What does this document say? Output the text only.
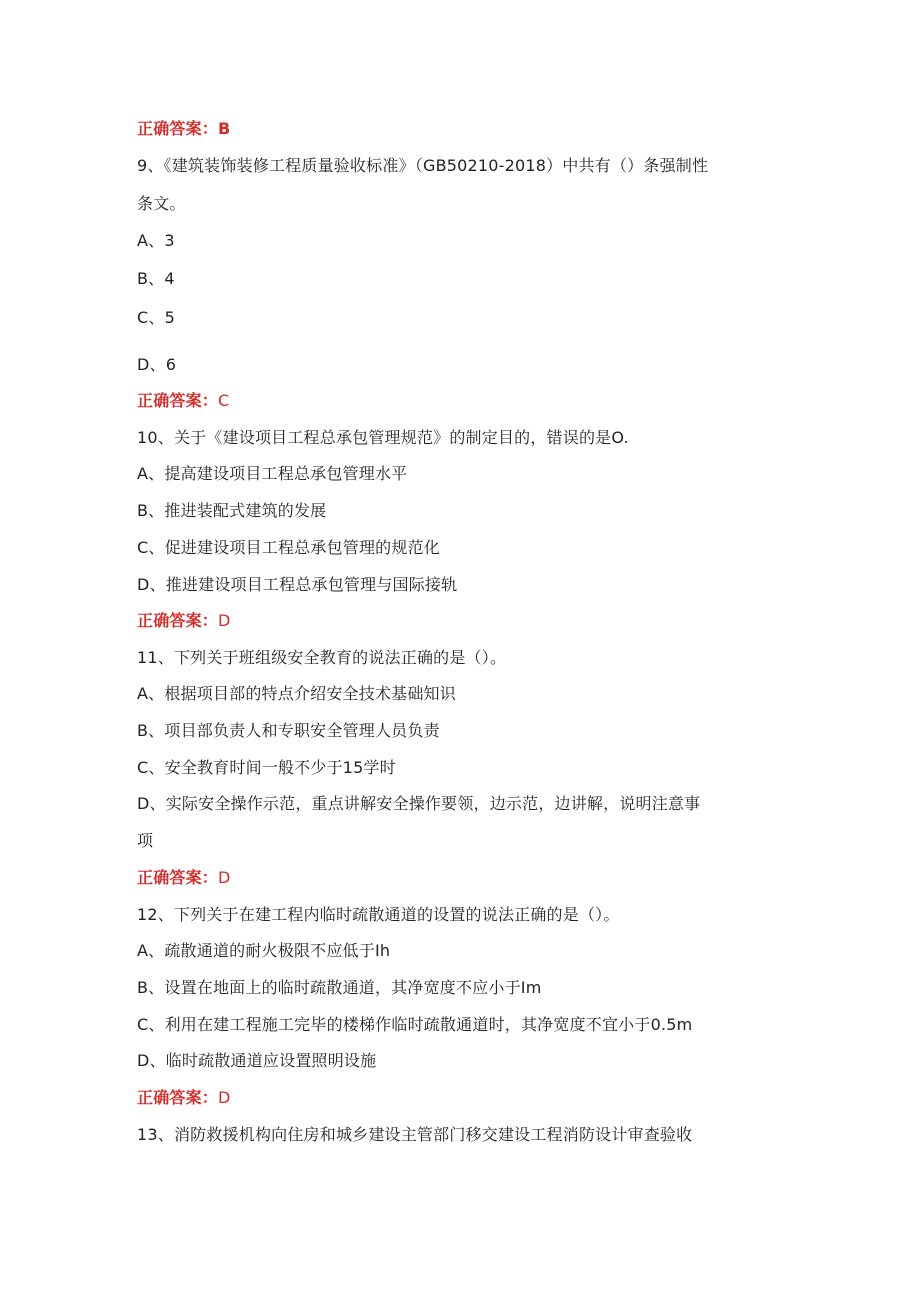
正确答案：B
9、《建筑装饰装修工程质量验收标准》（GB50210-2018）中共有（）条强制性
条文。
A、3
B、4
C、5
D、6
正确答案：C
10、关于《建设项目工程总承包管理规范》的制定目的，错误的是O.
A、提高建设项目工程总承包管理水平
B、推进装配式建筑的发展
C、促进建设项目工程总承包管理的规范化
D、推进建设项目工程总承包管理与国际接轨
正确答案：D
11、下列关于班组级安全教育的说法正确的是（）。
A、根据项目部的特点介绍安全技术基础知识
B、项目部负责人和专职安全管理人员负责
C、安全教育时间一般不少于15学时
D、实际安全操作示范，重点讲解安全操作要领，边示范，边讲解，说明注意事
项
正确答案：D
12、下列关于在建工程内临时疏散通道的设置的说法正确的是（）。
A、疏散通道的耐火极限不应低于Ih
B、设置在地面上的临时疏散通道，其净宽度不应小于Im
C、利用在建工程施工完毕的楼梯作临时疏散通道时，其净宽度不宜小于0.5m
D、临时疏散通道应设置照明设施
正确答案：D
13、消防救援机构向住房和城乡建设主管部门移交建设工程消防设计审查验收
